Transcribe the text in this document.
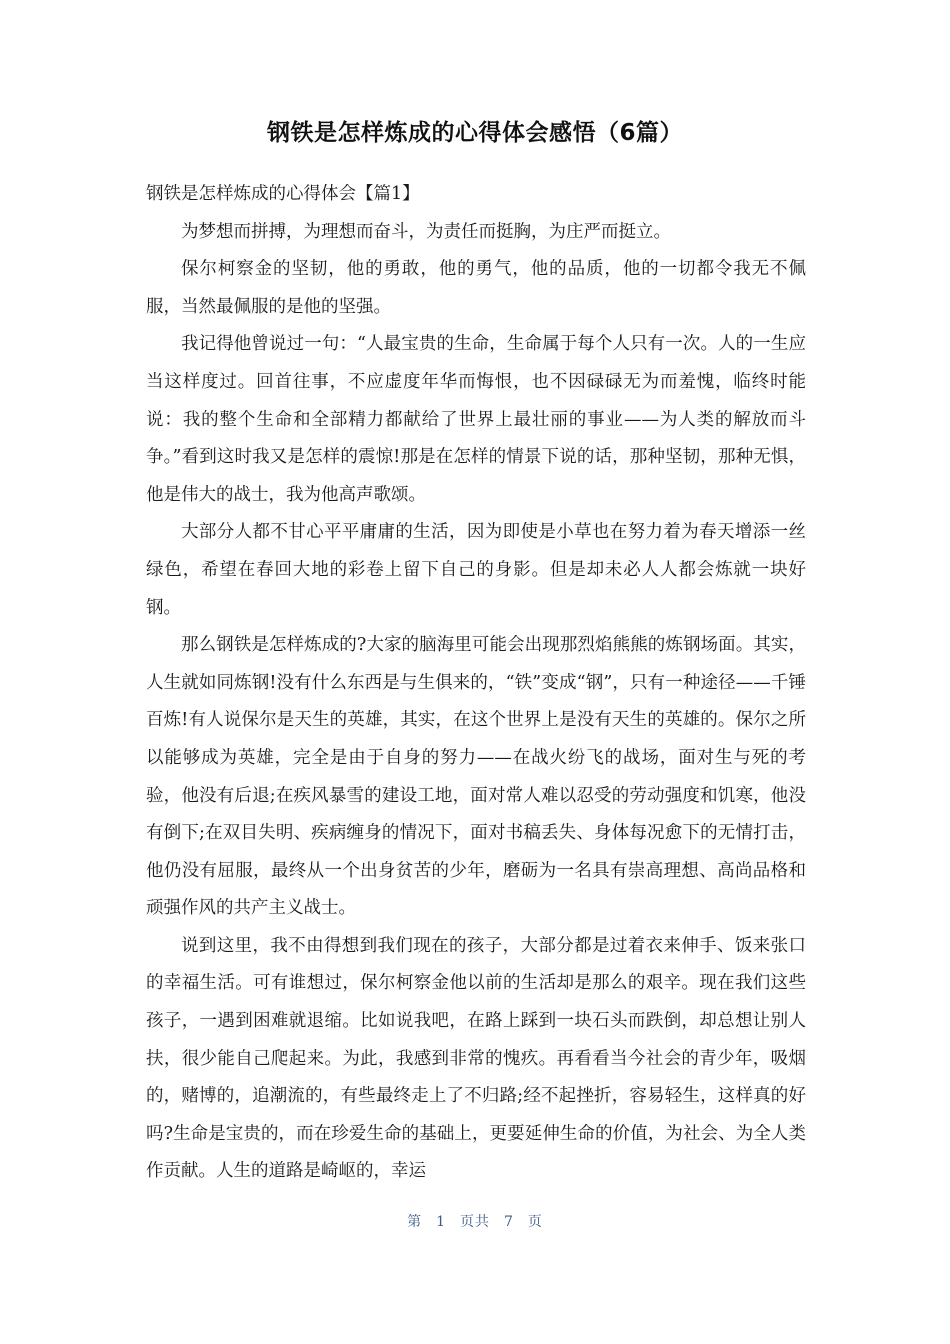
钢铁是怎样炼成的心得体会感悟（6篇）

钢铁是怎样炼成的心得体会【篇1】

为梦想而拼搏，为理想而奋斗，为责任而挺胸，为庄严而挺立。

保尔柯察金的坚韧，他的勇敢，他的勇气，他的品质，他的一切都令我无不佩服，当然最佩服的是他的坚强。

我记得他曾说过一句：“人最宝贵的生命，生命属于每个人只有一次。人的一生应当这样度过。回首往事，不应虚度年华而悔恨，也不因碌碌无为而羞愧，临终时能说：我的整个生命和全部精力都献给了世界上最壮丽的事业——为人类的解放而斗争。”看到这时我又是怎样的震惊!那是在怎样的情景下说的话，那种坚韧，那种无惧，他是伟大的战士，我为他高声歌颂。

大部分人都不甘心平平庸庸的生活，因为即使是小草也在努力着为春天增添一丝绿色，希望在春回大地的彩卷上留下自己的身影。但是却未必人人都会炼就一块好钢。

那么钢铁是怎样炼成的?大家的脑海里可能会出现那烈焰熊熊的炼钢场面。其实，人生就如同炼钢!没有什么东西是与生俱来的，“铁”变成“钢”，只有一种途径——千锤百炼!有人说保尔是天生的英雄，其实，在这个世界上是没有天生的英雄的。保尔之所以能够成为英雄，完全是由于自身的努力——在战火纷飞的战场，面对生与死的考验，他没有后退;在疾风暴雪的建设工地，面对常人难以忍受的劳动强度和饥寒，他没有倒下;在双目失明、疾病缠身的情况下，面对书稿丢失、身体每况愈下的无情打击，他仍没有屈服，最终从一个出身贫苦的少年，磨砺为一名具有崇高理想、高尚品格和顽强作风的共产主义战士。

说到这里，我不由得想到我们现在的孩子，大部分都是过着衣来伸手、饭来张口的幸福生活。可有谁想过，保尔柯察金他以前的生活却是那么的艰辛。现在我们这些孩子，一遇到困难就退缩。比如说我吧，在路上踩到一块石头而跌倒，却总想让别人扶，很少能自己爬起来。为此，我感到非常的愧疚。再看看当今社会的青少年，吸烟的，赌博的，追潮流的，有些最终走上了不归路;经不起挫折，容易轻生，这样真的好吗?生命是宝贵的，而在珍爱生命的基础上，更要延伸生命的价值，为社会、为全人类作贡献。人生的道路是崎岖的，幸运

第 1 页共 7 页
